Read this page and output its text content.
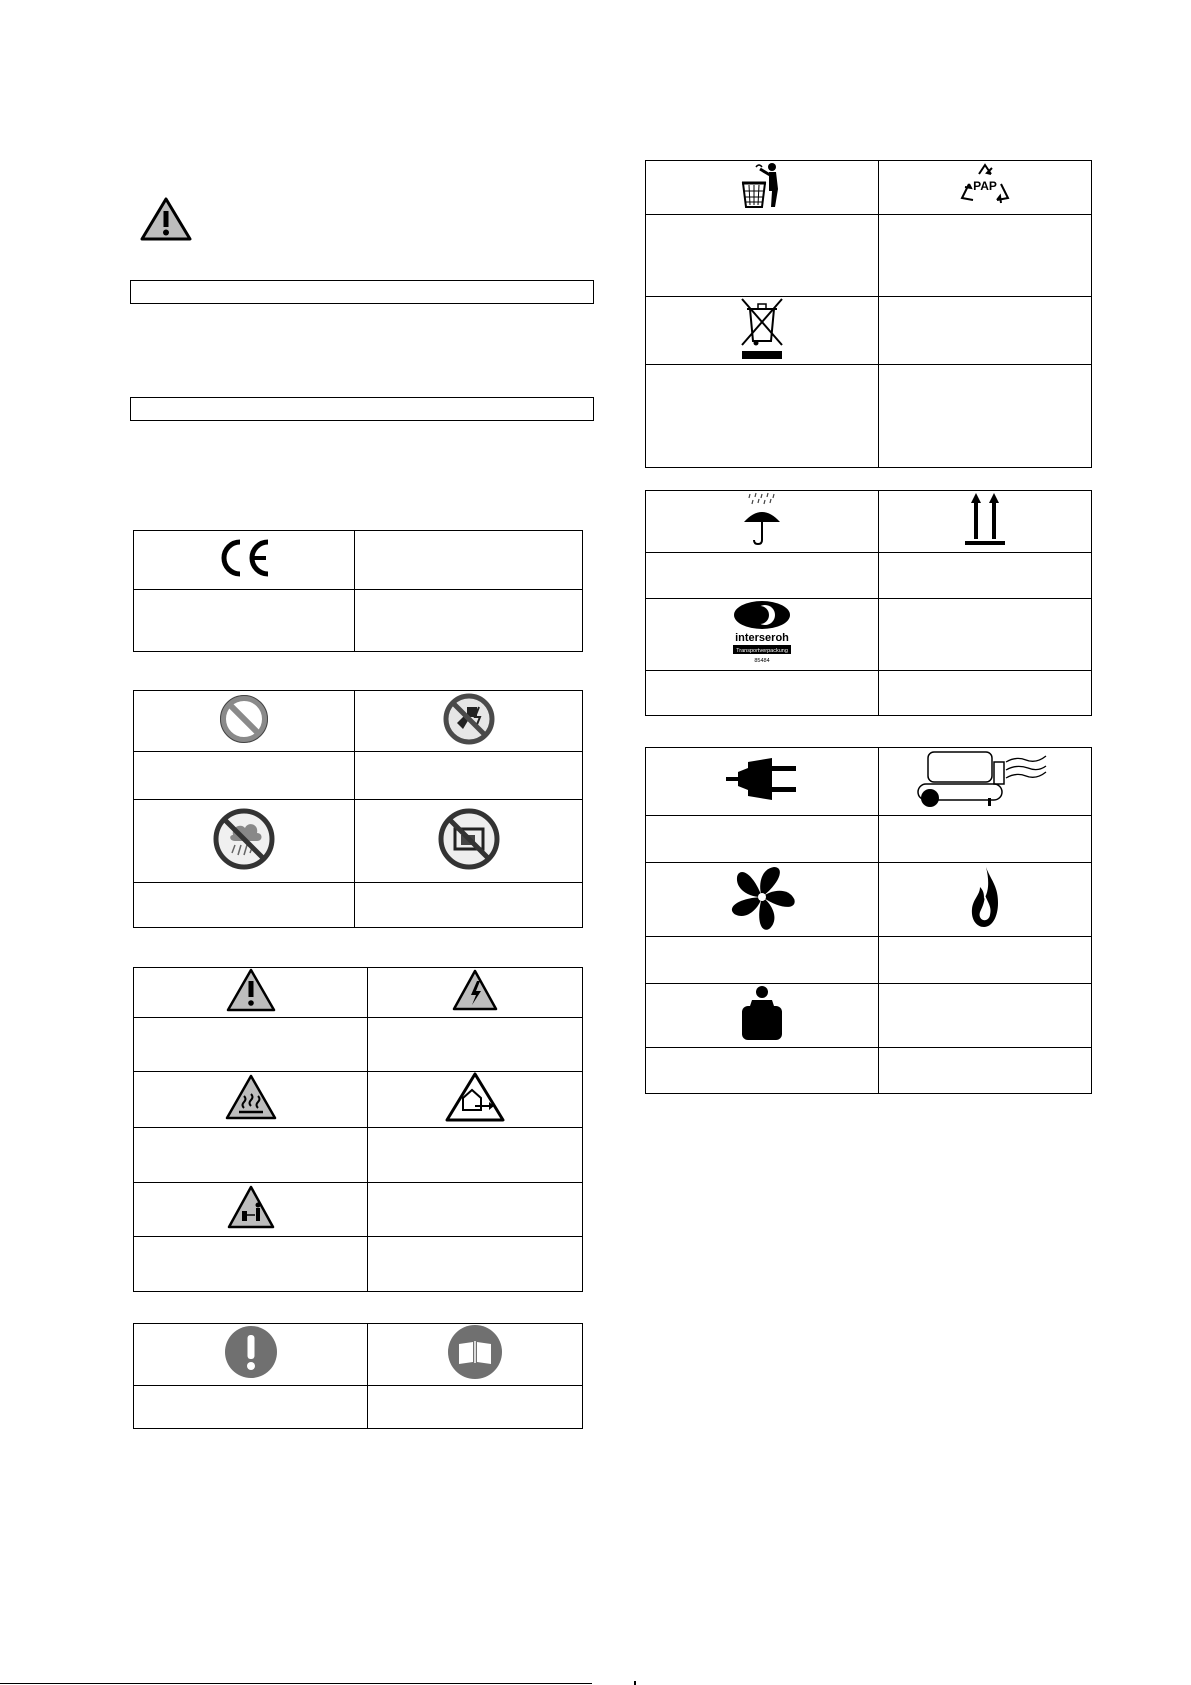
PAP

interseroh
Transportverpackung
85484	
